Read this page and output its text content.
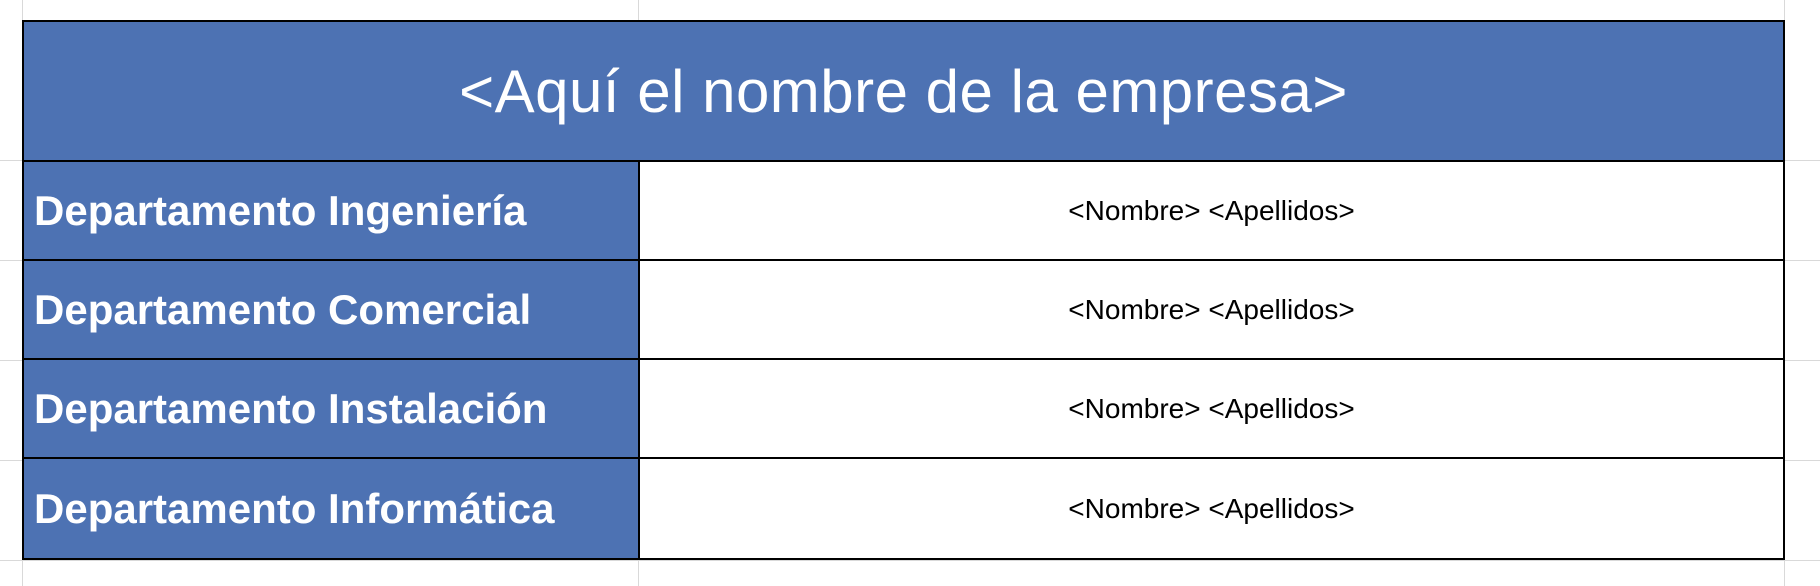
<Aquí el nombre de la empresa>
Departamento Ingeniería	<Nombre> <Apellidos>
Departamento Comercial	<Nombre> <Apellidos>
Departamento Instalación	<Nombre> <Apellidos>
Departamento Informática	<Nombre> <Apellidos>
